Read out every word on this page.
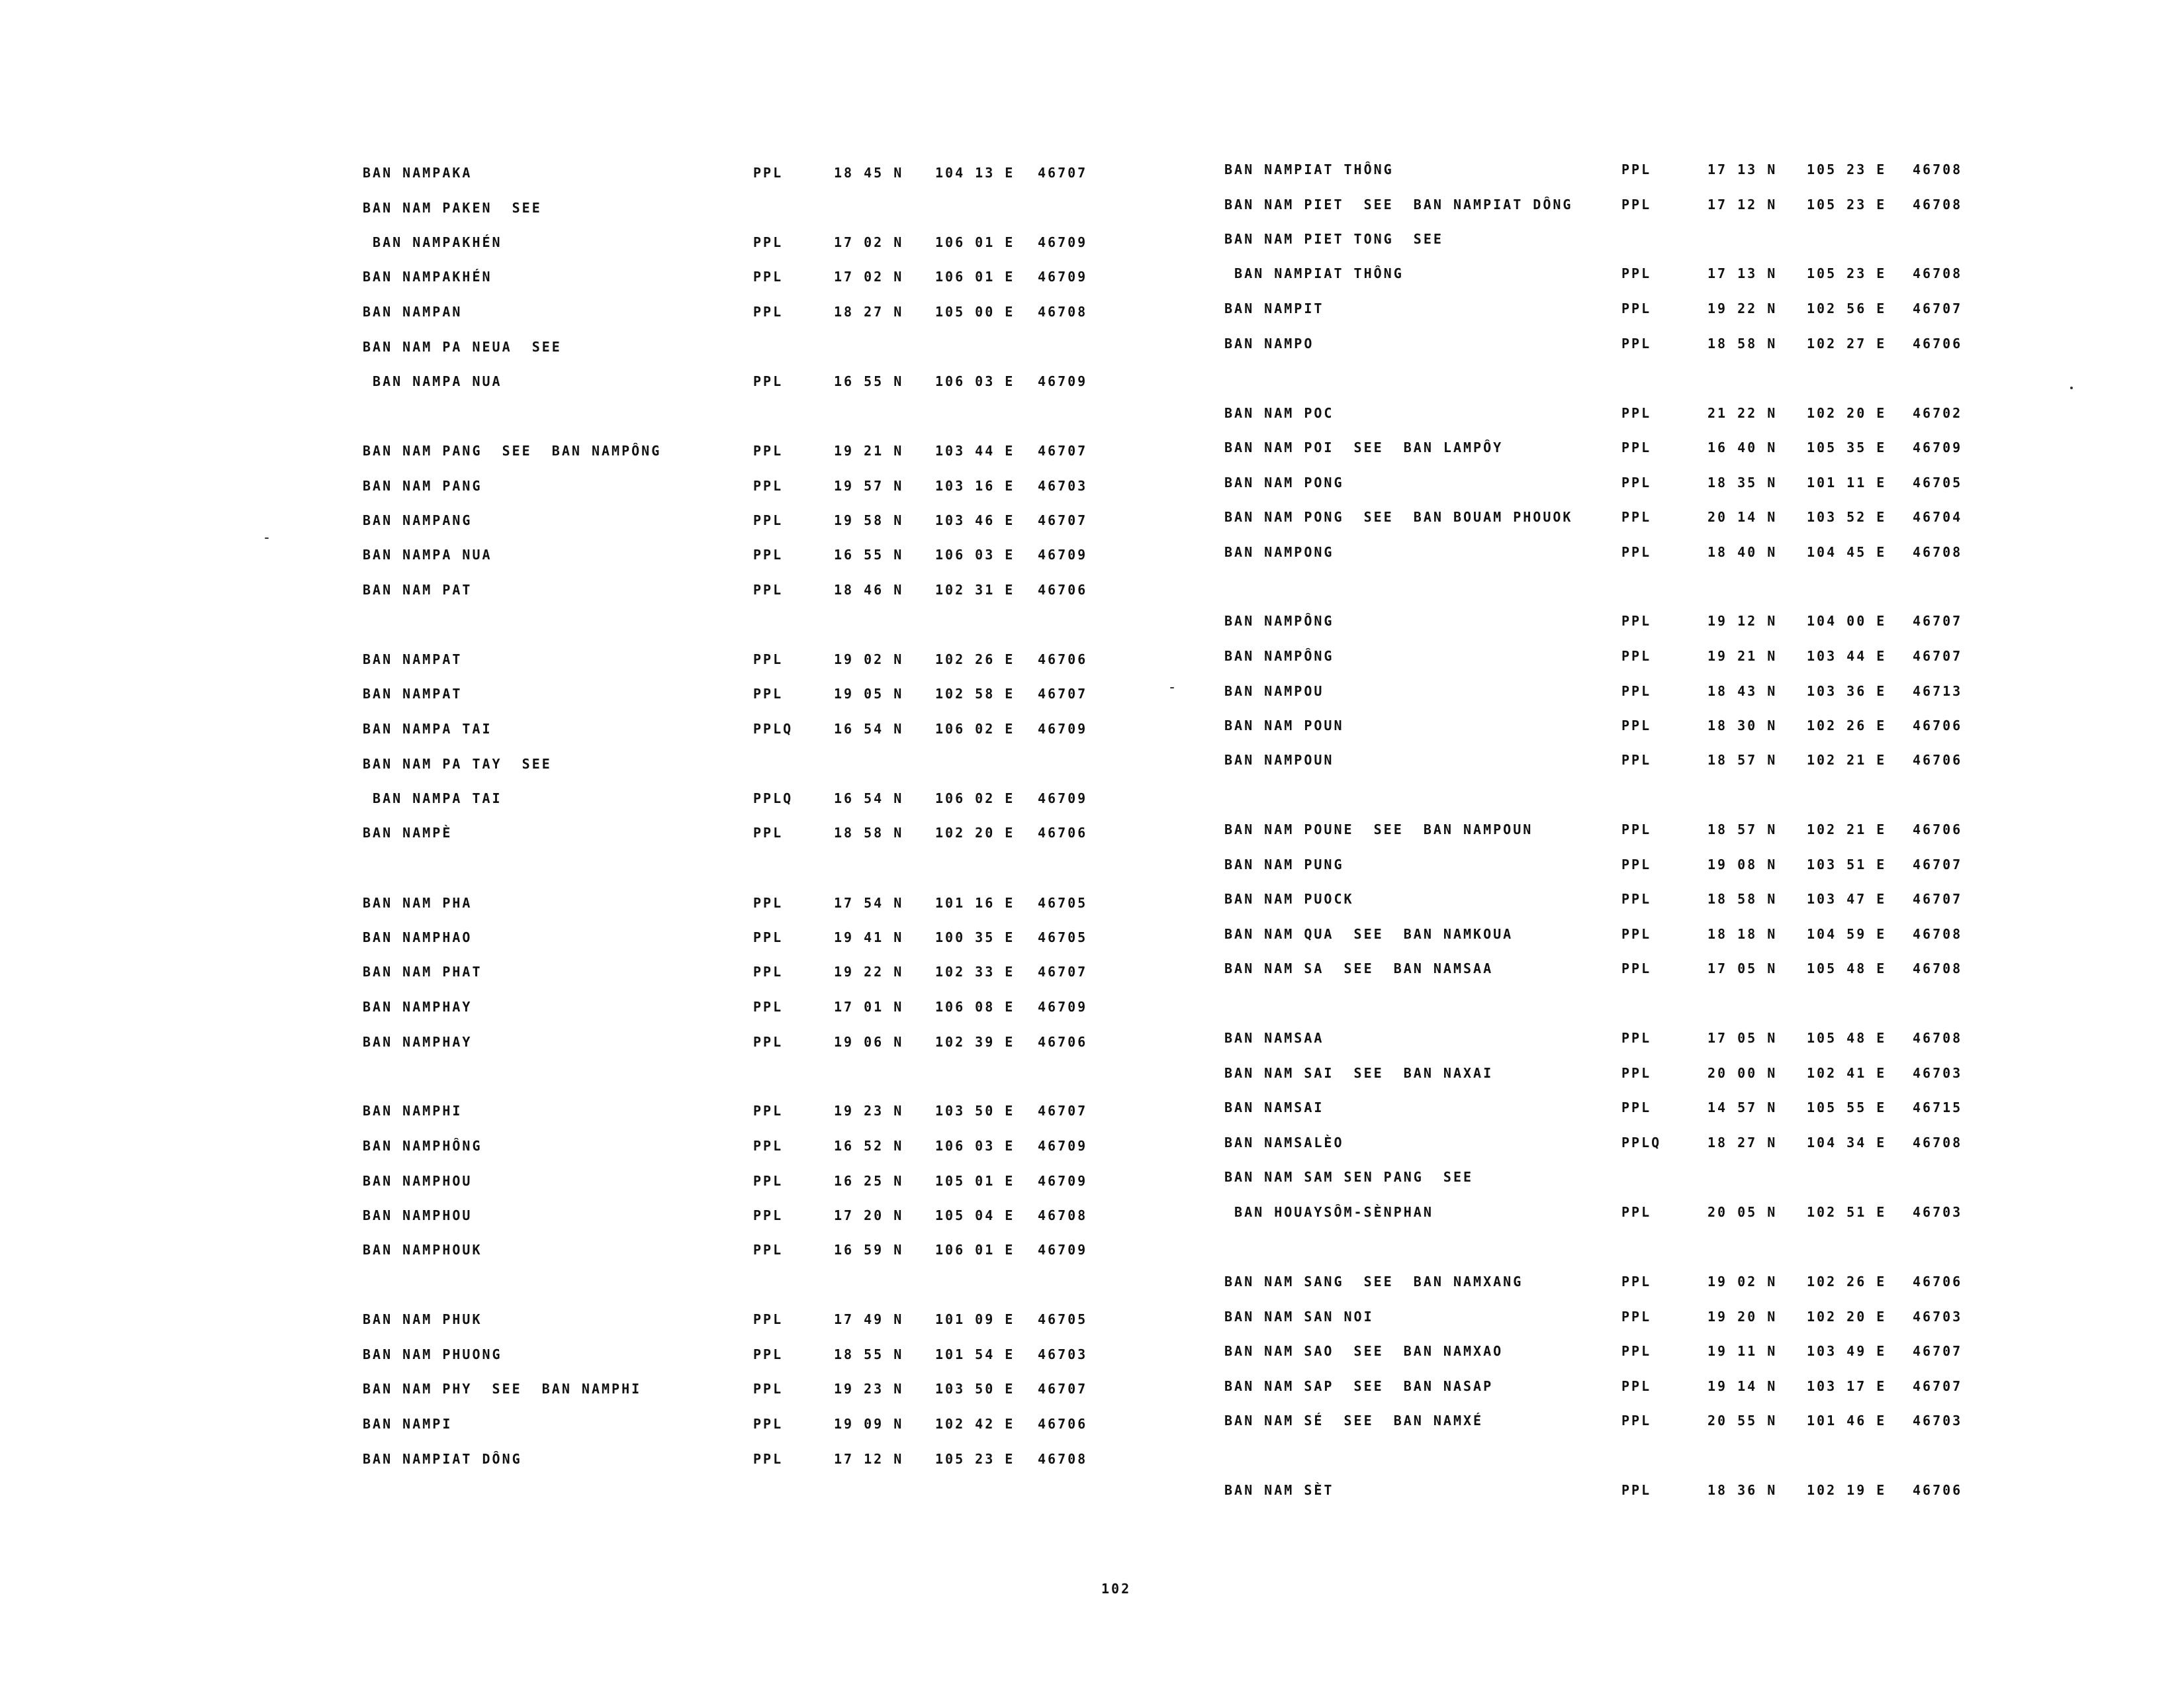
BAN NAMPAKA	PPL	18 45 N 104 13 E 46707
BAN NAM PAKEN  SEE
BAN NAMPAKHÉN	PPL	17 02 N 106 01 E 46709
BAN NAMPAKHÉN	PPL	17 02 N 106 01 E 46709
BAN NAMPAN	PPL	18 27 N 105 00 E 46708
BAN NAM PA NEUA  SEE
BAN NAMPA NUA	PPL	16 55 N 106 03 E 46709
BAN NAM PANG  SEE  BAN NAMPÔNG	PPL	19 21 N 103 44 E 46707
BAN NAM PANG	PPL	19 57 N 103 16 E 46703
BAN NAMPANG	PPL	19 58 N 103 46 E 46707
BAN NAMPA NUA	PPL	16 55 N 106 03 E 46709
BAN NAM PAT	PPL	18 46 N 102 31 E 46706
BAN NAMPAT	PPL	19 02 N 102 26 E 46706
BAN NAMPAT	PPL	19 05 N 102 58 E 46707
BAN NAMPA TAI	PPLQ	16 54 N 106 02 E 46709
BAN NAM PA TAY  SEE
BAN NAMPA TAI	PPLQ	16 54 N 106 02 E 46709
BAN NAMPÈ	PPL	18 58 N 102 20 E 46706
BAN NAM PHA	PPL	17 54 N 101 16 E 46705
BAN NAMPHAO	PPL	19 41 N 100 35 E 46705
BAN NAM PHAT	PPL	19 22 N 102 33 E 46707
BAN NAMPHAY	PPL	17 01 N 106 08 E 46709
BAN NAMPHAY	PPL	19 06 N 102 39 E 46706
BAN NAMPHI	PPL	19 23 N 103 50 E 46707
BAN NAMPHÔNG	PPL	16 52 N 106 03 E 46709
BAN NAMPHOU	PPL	16 25 N 105 01 E 46709
BAN NAMPHOU	PPL	17 20 N 105 04 E 46708
BAN NAMPHOUK	PPL	16 59 N 106 01 E 46709
BAN NAM PHUK	PPL	17 49 N 101 09 E 46705
BAN NAM PHUONG	PPL	18 55 N 101 54 E 46703
BAN NAM PHY  SEE  BAN NAMPHI	PPL	19 23 N 103 50 E 46707
BAN NAMPI	PPL	19 09 N 102 42 E 46706
BAN NAMPIAT DÔNG	PPL	17 12 N 105 23 E 46708
BAN NAMPIAT THÔNG	PPL	17 13 N 105 23 E 46708
BAN NAM PIET  SEE  BAN NAMPIAT DÔNG	PPL	17 12 N 105 23 E 46708
BAN NAM PIET TONG  SEE
BAN NAMPIAT THÔNG	PPL	17 13 N 105 23 E 46708
BAN NAMPIT	PPL	19 22 N 102 56 E 46707
BAN NAMPO	PPL	18 58 N 102 27 E 46706
BAN NAM POC	PPL	21 22 N 102 20 E 46702
BAN NAM POI  SEE  BAN LAMPÔY	PPL	16 40 N 105 35 E 46709
BAN NAM PONG	PPL	18 35 N 101 11 E 46705
BAN NAM PONG  SEE  BAN BOUAM PHOUOK	PPL	20 14 N 103 52 E 46704
BAN NAMPONG	PPL	18 40 N 104 45 E 46708
BAN NAMPÔNG	PPL	19 12 N 104 00 E 46707
BAN NAMPÔNG	PPL	19 21 N 103 44 E 46707
BAN NAMPOU	PPL	18 43 N 103 36 E 46713
BAN NAM POUN	PPL	18 30 N 102 26 E 46706
BAN NAMPOUN	PPL	18 57 N 102 21 E 46706
BAN NAM POUNE  SEE  BAN NAMPOUN	PPL	18 57 N 102 21 E 46706
BAN NAM PUNG	PPL	19 08 N 103 51 E 46707
BAN NAM PUOCK	PPL	18 58 N 103 47 E 46707
BAN NAM QUA  SEE  BAN NAMKOUA	PPL	18 18 N 104 59 E 46708
BAN NAM SA  SEE  BAN NAMSAA	PPL	17 05 N 105 48 E 46708
BAN NAMSAA	PPL	17 05 N 105 48 E 46708
BAN NAM SAI  SEE  BAN NAXAI	PPL	20 00 N 102 41 E 46703
BAN NAMSAI	PPL	14 57 N 105 55 E 46715
BAN NAMSALÈO	PPLQ	18 27 N 104 34 E 46708
BAN NAM SAM SEN PANG  SEE
BAN HOUAYSÔM-SÈNPHAN	PPL	20 05 N 102 51 E 46703
BAN NAM SANG  SEE  BAN NAMXANG	PPL	19 02 N 102 26 E 46706
BAN NAM SAN NOI	PPL	19 20 N 102 20 E 46703
BAN NAM SAO  SEE  BAN NAMXAO	PPL	19 11 N 103 49 E 46707
BAN NAM SAP  SEE  BAN NASAP	PPL	19 14 N 103 17 E 46707
BAN NAM SÉ  SEE  BAN NAMXÉ	PPL	20 55 N 101 46 E 46703
BAN NAM SÈT	PPL	18 36 N 102 19 E 46706
102
